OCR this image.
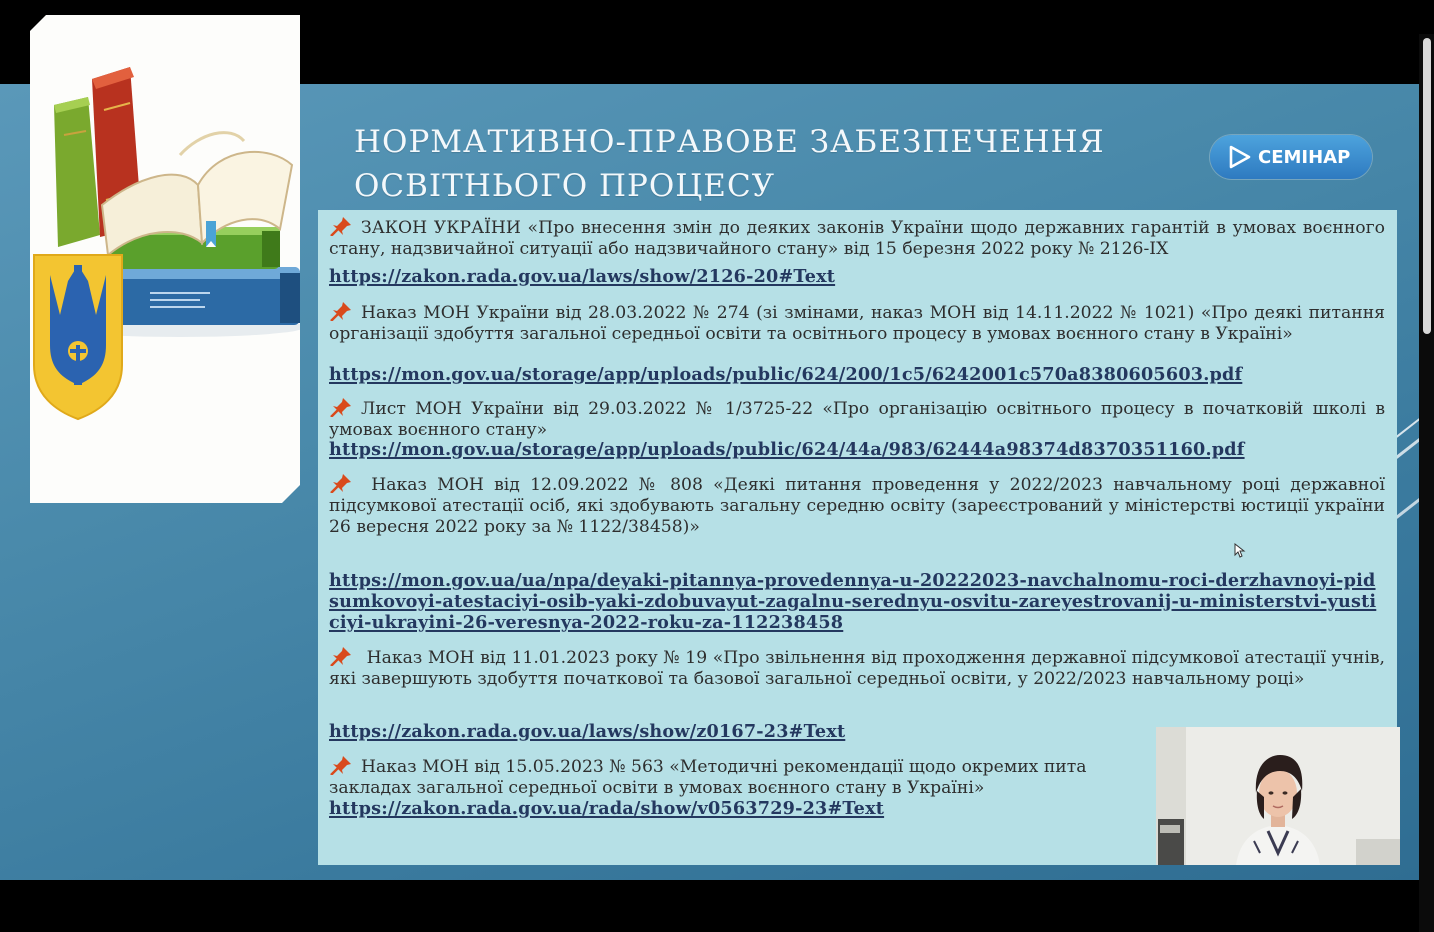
НОРМАТИВНО-ПРАВОВЕ ЗАБЕЗПЕЧЕННЯ
ОСВІТНЬОГО ПРОЦЕСУ
СЕМІНАР
ЗАКОН УКРАЇНИ «Про внесення змін до деяких законів України щодо державних гарантій в умовах воєнного стану, надзвичайної ситуації або надзвичайного стану» від 15 березня 2022 року № 2126-IX
https://zakon.rada.gov.ua/laws/show/2126-20#Text
Наказ МОН України від 28.03.2022 № 274 (зі змінами, наказ МОН від 14.11.2022 № 1021) «Про деякі питання організації здобуття загальної середньої освіти та освітнього процесу в умовах воєнного стану в Україні»
https://mon.gov.ua/storage/app/uploads/public/624/200/1c5/6242001c570a8380605603.pdf
Лист МОН України від 29.03.2022 № 1/3725-22 «Про організацію освітнього процесу в початковій школі в умовах воєнного стану»
https://mon.gov.ua/storage/app/uploads/public/624/44a/983/62444a98374d8370351160.pdf
Наказ МОН від 12.09.2022 № 808 «Деякі питання проведення у 2022/2023 навчальному році державної підсумкової атестації осіб, які здобувають загальну середню освіту (зареєстрований у міністерстві юстиції україни 26 вересня 2022 року за № 1122/38458)»
https://mon.gov.ua/ua/npa/deyaki-pitannya-provedennya-u-20222023-navchalnomu-roci-derzhavnoyi-pidsumkovoyi-atestaciyi-osib-yaki-zdobuvayut-zagalnu-serednyu-osvitu-zareyestrovanij-u-ministerstvi-yusticiyi-ukrayini-26-veresnya-2022-roku-za-112238458
Наказ МОН від 11.01.2023 року № 19 «Про звільнення від проходження державної підсумкової атестації учнів, які завершують здобуття початкової та базової загальної середньої освіти, у 2022/2023 навчальному році»
https://zakon.rada.gov.ua/laws/show/z0167-23#Text
Наказ МОН від 15.05.2023 № 563 «Методичні рекомендації щодо окремих пита
закладах загальної середньої освіти в умовах воєнного стану в Україні»
https://zakon.rada.gov.ua/rada/show/v0563729-23#Text
